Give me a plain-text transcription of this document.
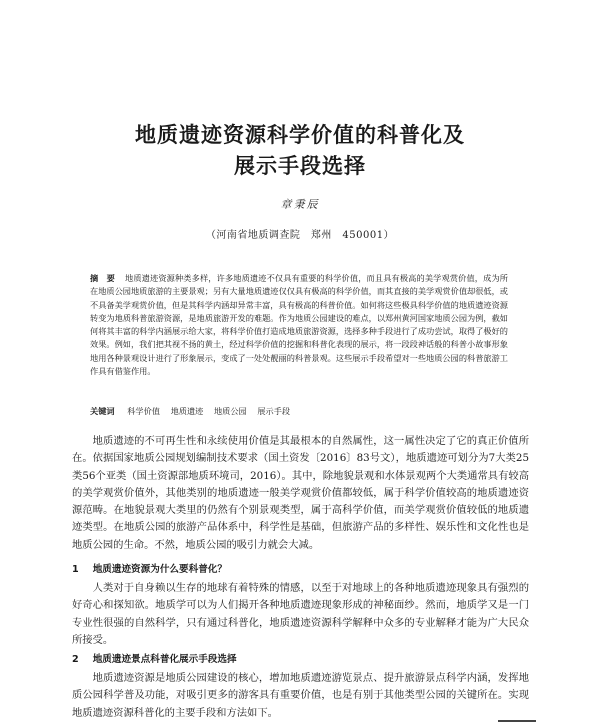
地质遗迹资源科学价值的科普化及
展示手段选择
章秉辰
（河南省地质调查院　郑州　450001）
摘　要 地质遗迹资源种类多样，许多地质遗迹不仅具有重要的科学价值，而且具有极高的美学观赏价值，成为所在地质公园地质旅游的主要景观；另有大量地质遗迹仅仅具有极高的科学价值，而其直接的美学观赏价值却很低，或不具备美学观赏价值，但是其科学内涵却异常丰富，具有极高的科普价值。如何将这些极具科学价值的地质遗迹资源转变为地质科普旅游资源，是地质旅游开发的难题。作为地质公园建设的难点，以郑州黄河国家地质公园为例，截如何将其丰富的科学内涵展示给大家，将科学价值打造成地质旅游资源，选择多种手段进行了成功尝试，取得了极好的效果。例如，我们把其视不扬的黄土，经过科学价值的挖掘和科普化表现的展示，将一段段神话般的科普小故事形象地用各种景观设计进行了形象展示，变成了一处处靓丽的科普景观。这些展示手段希望对一些地质公园的科普旅游工作具有借鉴作用。
关键词 科学价值 地质遗迹 地质公园 展示手段

地质遗迹的不可再生性和永续使用价值是其最根本的自然属性，这一属性决定了它的真正价值所在。依据国家地质公园规划编制技术要求（国土资发〔2016〕83号文），地质遗迹可划分为7大类25类56个亚类（国土资源部地质环境司，2016）。其中，除地貌景观和水体景观两个大类通常具有较高的美学观赏价值外，其他类别的地质遗迹一般美学观赏价值都较低，属于科学价值较高的地质遗迹资源范畴。在地貌景观大类里的仍然有个别景观类型，属于高科学价值，而美学观赏价值较低的地质遗迹类型。在地质公园的旅游产品体系中，科学性是基础，但旅游产品的多样性、娱乐性和文化性也是地质公园的生命。不然，地质公园的吸引力就会大减。

1 地质遗迹资源为什么要科普化？

人类对于自身赖以生存的地球有着特殊的情感，以至于对地球上的各种地质遗迹现象具有强烈的好奇心和探知欲。地质学可以为人们揭开各种地质遗迹现象形成的神秘面纱。然而，地质学又是一门专业性很强的自然科学，只有通过科普化，地质遗迹资源科学解释中众多的专业解释才能为广大民众所接受。

2 地质遗迹景点科普化展示手段选择

地质遗迹资源是地质公园建设的核心，增加地质遗迹游览景点、提升旅游景点科学内涵，发挥地质公园科学普及功能，对吸引更多的游客具有重要价值，也是有别于其他类型公园的关键所在。实现地质遗迹资源科普化的主要手段和方法如下。
